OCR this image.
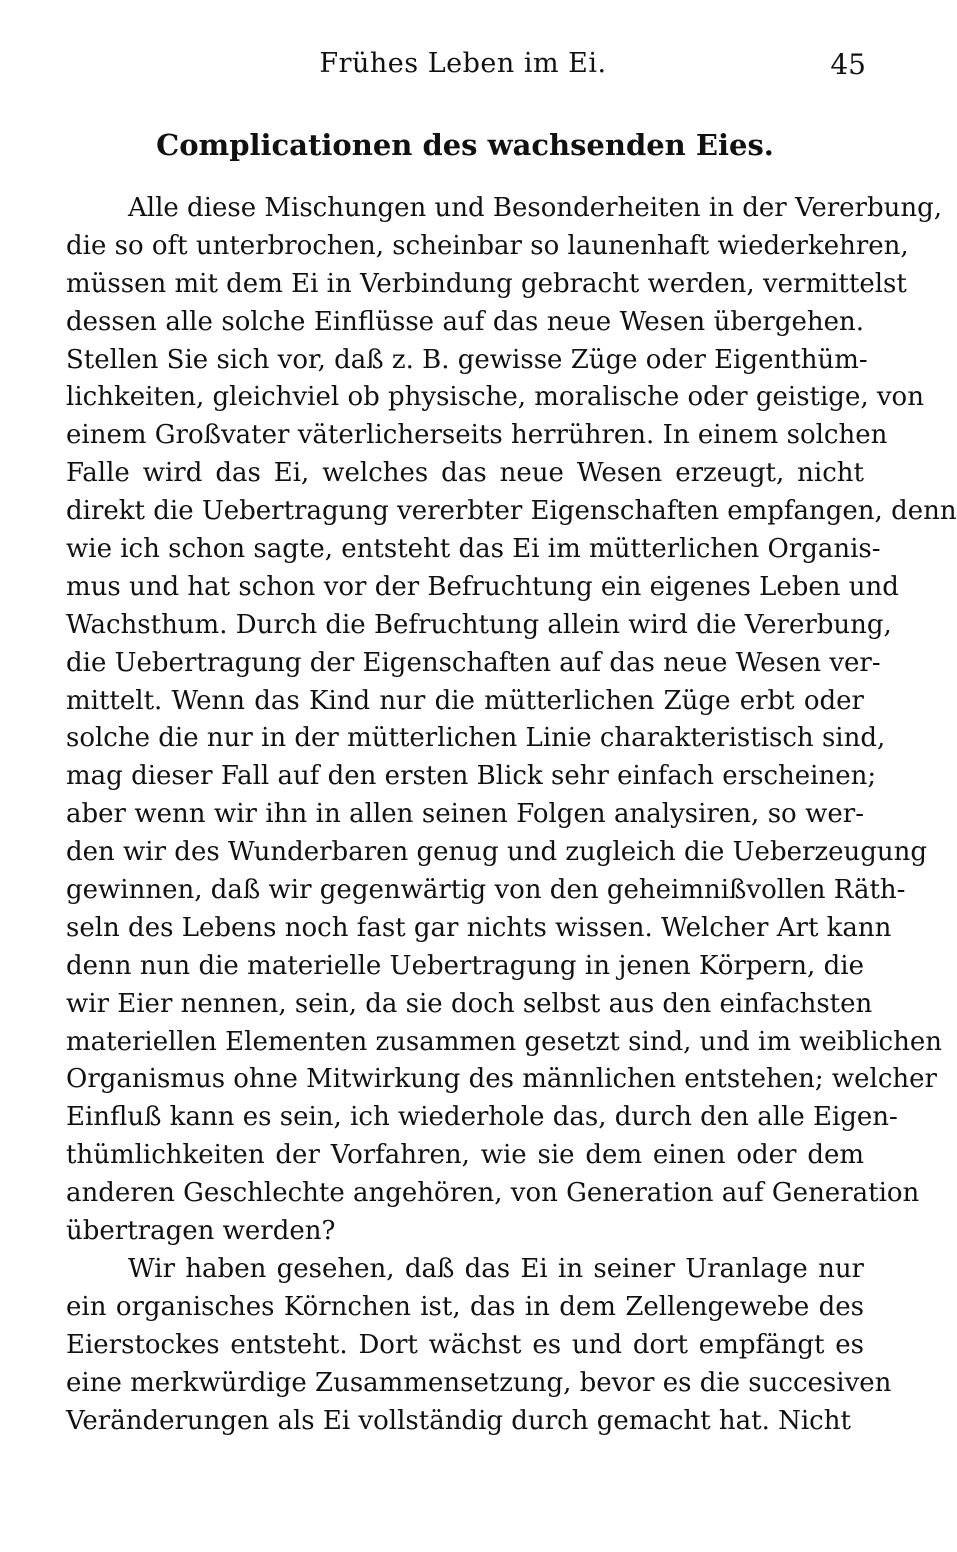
Frühes Leben im Ei.	45
Complicationen des wachsenden Eies.
Alle diese Mischungen und Besonderheiten in der Vererbung,
die so oft unterbrochen, scheinbar so launenhaft wiederkehren,
müssen mit dem Ei in Verbindung gebracht werden, vermittelst
dessen alle solche Einflüsse auf das neue Wesen übergehen.
Stellen Sie sich vor, daß z. B. gewisse Züge oder Eigenthüm-
lichkeiten, gleichviel ob physische, moralische oder geistige, von
einem Großvater väterlicherseits herrühren. In einem solchen
Falle wird das Ei, welches das neue Wesen erzeugt, nicht
direkt die Uebertragung vererbter Eigenschaften empfangen, denn
wie ich schon sagte, entsteht das Ei im mütterlichen Organis-
mus und hat schon vor der Befruchtung ein eigenes Leben und
Wachsthum. Durch die Befruchtung allein wird die Vererbung,
die Uebertragung der Eigenschaften auf das neue Wesen ver-
mittelt. Wenn das Kind nur die mütterlichen Züge erbt oder
solche die nur in der mütterlichen Linie charakteristisch sind,
mag dieser Fall auf den ersten Blick sehr einfach erscheinen;
aber wenn wir ihn in allen seinen Folgen analysiren, so wer-
den wir des Wunderbaren genug und zugleich die Ueberzeugung
gewinnen, daß wir gegenwärtig von den geheimnißvollen Räth-
seln des Lebens noch fast gar nichts wissen. Welcher Art kann
denn nun die materielle Uebertragung in jenen Körpern, die
wir Eier nennen, sein, da sie doch selbst aus den einfachsten
materiellen Elementen zusammen gesetzt sind, und im weiblichen
Organismus ohne Mitwirkung des männlichen entstehen; welcher
Einfluß kann es sein, ich wiederhole das, durch den alle Eigen-
thümlichkeiten der Vorfahren, wie sie dem einen oder dem
anderen Geschlechte angehören, von Generation auf Generation
übertragen werden?
Wir haben gesehen, daß das Ei in seiner Uranlage nur
ein organisches Körnchen ist, das in dem Zellengewebe des
Eierstockes entsteht. Dort wächst es und dort empfängt es
eine merkwürdige Zusammensetzung, bevor es die succesiven
Veränderungen als Ei vollständig durch gemacht hat. Nicht
